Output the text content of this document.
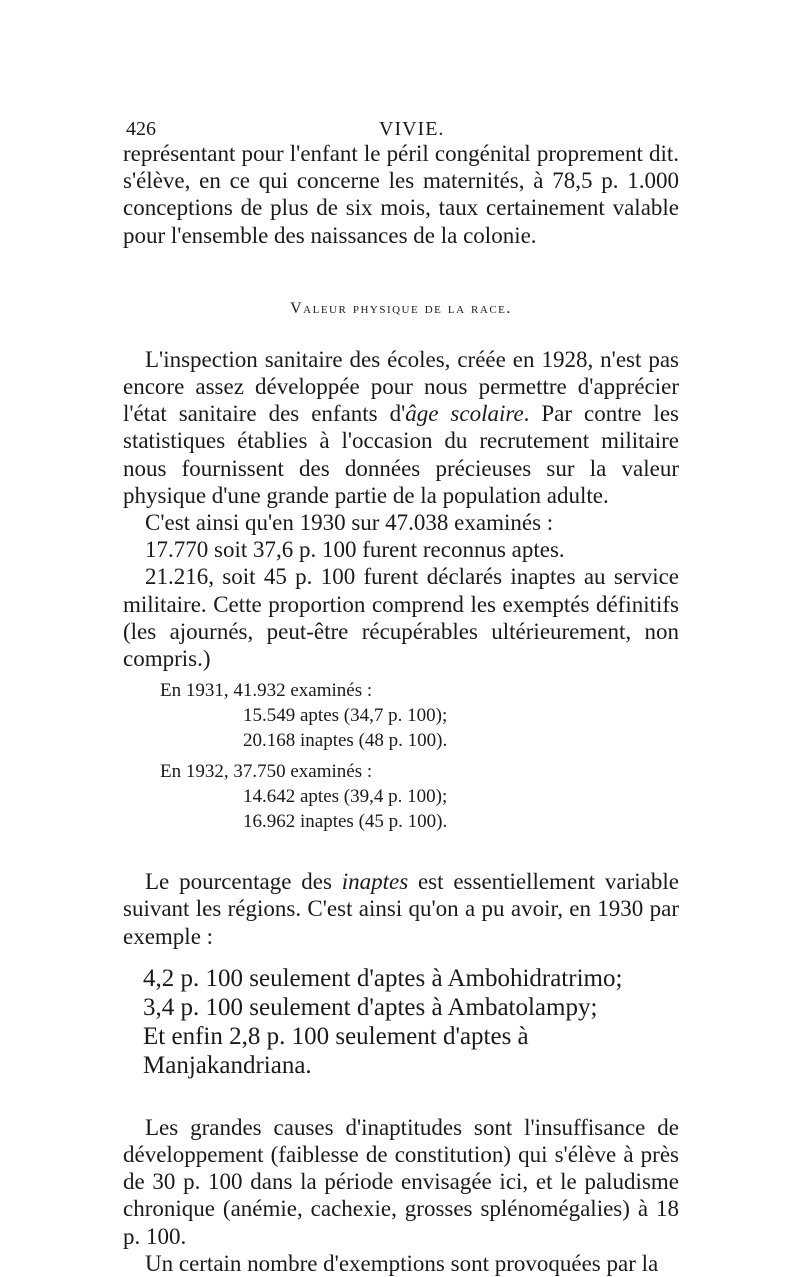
426	VIVIE.

représentant pour l'enfant le péril congénital proprement dit. s'élève, en ce qui concerne les maternités, à 78,5 p. 1.000 conceptions de plus de six mois, taux certainement valable pour l'ensemble des naissances de la colonie.

Valeur physique de la race.

L'inspection sanitaire des écoles, créée en 1928, n'est pas encore assez développée pour nous permettre d'apprécier l'état sanitaire des enfants d'âge scolaire. Par contre les statistiques établies à l'occasion du recrutement militaire nous fournissent des données précieuses sur la valeur physique d'une grande partie de la population adulte.

C'est ainsi qu'en 1930 sur 47.038 examinés :

17.770 soit 37,6 p. 100 furent reconnus aptes.

21.216, soit 45 p. 100 furent déclarés inaptes au service militaire. Cette proportion comprend les exemptés définitifs (les ajournés, peut-être récupérables ultérieurement, non compris.)

En 1931, 41.932 examinés :
15.549 aptes (34,7 p. 100);
20.168 inaptes (48 p. 100).
En 1932, 37.750 examinés :
14.642 aptes (39,4 p. 100);
16.962 inaptes (45 p. 100).

Le pourcentage des inaptes est essentiellement variable suivant les régions. C'est ainsi qu'on a pu avoir, en 1930 par exemple :

4,2 p. 100 seulement d'aptes à Ambohidratrimo;
3,4 p. 100 seulement d'aptes à Ambatolampy;
Et enfin 2,8 p. 100 seulement d'aptes à Manjakandriana.

Les grandes causes d'inaptitudes sont l'insuffisance de développement (faiblesse de constitution) qui s'élève à près de 30 p. 100 dans la période envisagée ici, et le paludisme chronique (anémie, cachexie, grosses splénomégalies) à 18 p. 100.

Un certain nombre d'exemptions sont provoquées par la
